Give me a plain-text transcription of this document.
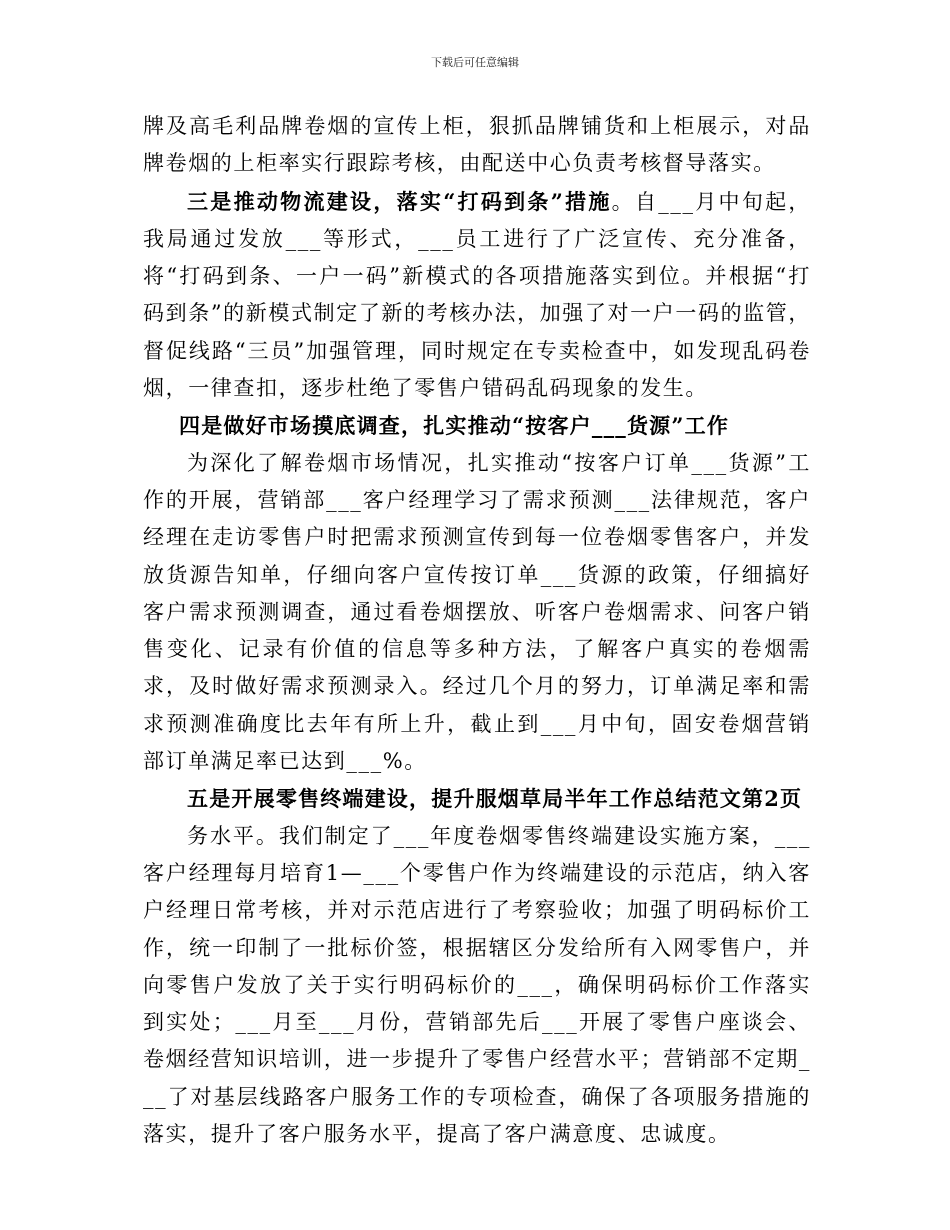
下载后可任意编辑

牌及高毛利品牌卷烟的宣传上柜，狠抓品牌铺货和上柜展示，对品牌卷烟的上柜率实行跟踪考核，由配送中心负责考核督导落实。

三是推动物流建设，落实“打码到条”措施。自___月中旬起，我局通过发放___等形式，___员工进行了广泛宣传、充分准备，将“打码到条、一户一码”新模式的各项措施落实到位。并根据“打码到条”的新模式制定了新的考核办法，加强了对一户一码的监管，督促线路“三员”加强管理，同时规定在专卖检查中，如发现乱码卷烟，一律查扣，逐步杜绝了零售户错码乱码现象的发生。

四是做好市场摸底调查，扎实推动“按客户___货源”工作

为深化了解卷烟市场情况，扎实推动“按客户订单___货源”工作的开展，营销部___客户经理学习了需求预测___法律规范，客户经理在走访零售户时把需求预测宣传到每一位卷烟零售客户，并发放货源告知单，仔细向客户宣传按订单___货源的政策，仔细搞好客户需求预测调查，通过看卷烟摆放、听客户卷烟需求、问客户销售变化、记录有价值的信息等多种方法，了解客户真实的卷烟需求，及时做好需求预测录入。经过几个月的努力，订单满足率和需求预测准确度比去年有所上升，截止到___月中旬，固安卷烟营销部订单满足率已达到___%。

五是开展零售终端建设，提升服烟草局半年工作总结范文第2页

务水平。我们制定了___年度卷烟零售终端建设实施方案，___客户经理每月培育1—___个零售户作为终端建设的示范店，纳入客户经理日常考核，并对示范店进行了考察验收；加强了明码标价工作，统一印制了一批标价签，根据辖区分发给所有入网零售户，并向零售户发放了关于实行明码标价的___，确保明码标价工作落实到实处；___月至___月份，营销部先后___开展了零售户座谈会、卷烟经营知识培训，进一步提升了零售户经营水平；营销部不定期___了对基层线路客户服务工作的专项检查，确保了各项服务措施的落实，提升了客户服务水平，提高了客户满意度、忠诚度。
